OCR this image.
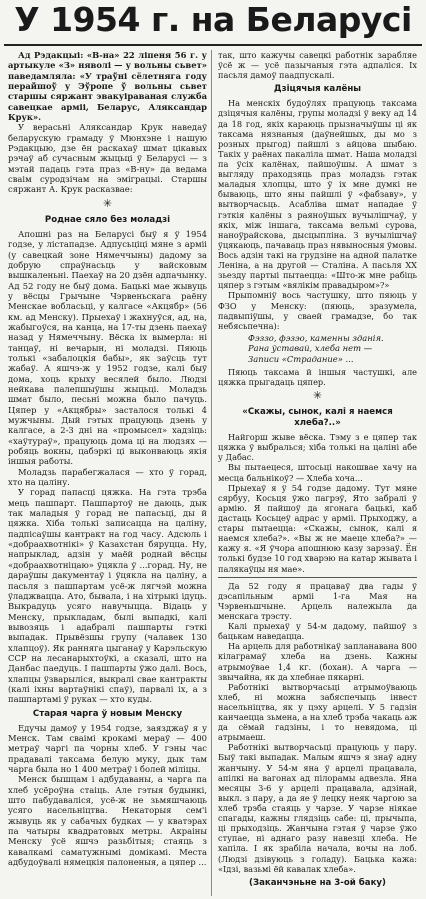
У 1954 г. на Беларусі

Ад Рэдакцыі: «В-на» 22 ліпеня 56 г. у артыкуле «З» няволі — у вольны сьвет» паведамляла: «У траўні сёлетняга году перайшоў у Эўропе ў вольны сьвет старшы сяржант эвакуіраваная служба савецкае арміі, Беларус, Аляксандар Крук».

У верасьні Аляксандар Крук наведаў беларускую грамаду ў Мюнхэне і нашую Рэдакцыю, дзе ён раскахаў шмат цікавых рэчаў аб сучасным жыцьці ў Беларусі — з мэтай падаць гэта праз «В-ну» да ведама сваім суродзічам на эміграцыі. Старшы сяржант А. Крук расказвае:

✳
Роднае сяло без моладзі

Апошні раз на Беларусі быў я ў 1954 годзе, у лістападзе. Адпусьціці мяне з арміі (у савецкай зоне Нямеччыны) дадому за добрую спраўнасьць у вайсковым вышкаленьні. Паехаў на 20 дзён адпачынку. Ад 52 году не быў дома. Бацькі мае жывуць у вёсцы Грычыне Чэрвеньскага раёну Менскае вобласьці, у калгасе «Акцябр» (56 км. ад Менску). Прыехаў і жахнуўся, ад, на, жабыгоўся, на канца, на 17-ты дзень паехаў назад у Нямеччыну. Вёска іх вымерла: ні танцаў, ні вечарын, ні моладзі. Пяюць толькі «забалоцкія бабы», як заўсць тут жабаў. А яшчэ-ж у 1952 годзе, калі быў дома, хоць крыху весялей было. Людзі нейкава палепшыўшы жыцьці. Моладзь шмат было, песьні можна было пачуць. Цяпер у «Акцябры» засталося толькі 4 мужчыны. Дый гэтых працуюць дзень у калгасе, а 2-3 дні на «промысел» хадзіць: «хаўтураў», працуюць дома ці на людзях — робяць вокны, цабэркі ці выконваюць якія іншыя работы.

Моладзь парабегжалася — хто ў горад, хто на цаліну.

У горад папасці цяжка. На гэта трэба мець пашпарт. Пашпартоў не даюць, дык так маладыя ў горад не папасьці, ды й цяжка. Хіба толькі записацца на цаліну, падпісаўшы кантракт на год часу. Адсюль і «добраахвотнікі» ў Казахстан бяруцца. Ну, напрыклад, адзін у маёй роднай вёсцы «добраахвотніцаю» ўцякла ў ...горад. Ну, не дараўшы дакументаў і ўцякла на цаліну, а пасьля з пашпартам усё-ж лягчэй можна ўладжвацца. Ато, бывала, і на хітрыкі ідуць. Выкрадуць усяго навучыцца. Відаць у Менску, прыкладам, былі выпадкі, калі вывозяць і адабралі пашпарты гэткі выпадак. Прывёзшы групу (чалавек 130 хлапцоў). Як ранняга цыганаў у Карэльскую ССР на лесанарыхтоўкі, а сказалі, што на Данбас паедуць. І пашпарты ўжо далі. Вось, хлапцы ўзварыліся, выкралі свае кантракты (калі іхны вартаўнікі спаў), парвалі іх, а з пашпартамі ў руках — хто куды.

Старая чарга ў новым Менску

Едучы дамоў у 1954 годзе, заязджаў я у Менск. Там сваімі крокамі мераў — 400 метраў чаргі па чорны хлеб. У гэны час прадавалі таксама белую муку, дык там чарга была но 1 400 метраў і болей міліцы.

Менск бышцам і адбудаваны, а чарга па хлеб усёроўна стаіць. Але гэтыя будынкі, што пабудаваліся, усё-ж не зьмяшчаюць усяго насельніцтва. Некаторыя сем'і жывуць як у сабачых будках — у кватэрах па чатыры квадратовых метры. Акраіны Менску ўсё яшчэ разьбітыя; стаяць з кавалкамі саматужнымі домікамі. Места адбудоўвалі нямецкія палоненыя, а цяпер ...

так, што кажучы савецкі работнік зарабляе ўсё ж — усё пазычаныя гэта адпаліся. Іх пасьля дамоў паадпускалі.

Дзіцячыя калёны

На менскіх будоўлях працуюць таксама дзіцячыя калёны, групы моладзі ў веку ад 14 да 18 год, якіх караюць прызначыўшы ці як таксама нязнаныя (даўнейшых, ды мо з розных прыгод) пайшлі з айцова шыбаю. Такіх у раёнах пакаліла шмат. Наша моладзі па ўсіх калёнах, пайшоўшы. А шмат з выгляду праходзяць праз моладзь гэтак маладыя хлопцы, што ў іх мне думкі не бываюць, што яны пайшлі ў «фабзаву», у вытворчасьць. Асабліва шмат нападае ў гэткія калёны з раяноўшых вучылішчаў, у якіх, між іншага, таксама вельмі сурова, наноўрайскова, дысцыпліна. З вучылішчаў ўцякаюць, пачаваць праз нявыносныя ўмовы. Вось адзін такі на грудзіне на адной палатке Леніна, а на другой — Сталіна. А пасьля ХХ зьезду партыі пытаецца: «Што-ж мне рабіць цяпер з гэтым «вялікім правадыром»?»

Прыпомніў вось частушку, што пяюць у ФЗО у Менску: (пяюць, зразумела, падвыпіўшы, у сваей грамадзе, бо так небясьпечна):

Фэззо, фэзэо, каменны зданія.
Рана ўставай, хлеба нет —
Записи «Страдание» ...

Пяюць таксама й іншыя частушкі, але цяжка прыгадаць цяпер.

✳
«Скажы, сынок, калі я наемся хлеба?..»

Найгорш жыве вёска. Тэму з е цяпер так цяжка ў выбралься; хіба толькі на цаліні абе у Дабас.

Вы пытаецеся, штосьці накошвае хачу на месца бальнікоў? — Хлеба хоча...

Прыехаў я ў 54 годзе дадому. Тут мяне сярбуу, Косьця ўжо пагрэў, Ято забралі ў армію. Я пайшоў да ягонага бацькі, каб дастаць Косьцеў адрас у арміі. Прыходжу, а стары пытаецца: «Скажы, сынок, калі я наемся хлеба?». «Вы ж не маеце хлеба?» — кажу я. «Я ўчора апошнюю казу зарэзаў. Ён толькі будзе 10 год хварэю на катар жывата і палякаўцы ня мае».

Да 52 году я працаваў два гады ў дэсапільным арміі 1-га Мая на Чэрвеньшчыне. Арцель належыла да менскага трэсту.

Калі прыехаў у 54-м дадому, пайшоў з бацькам наведацца.

На арцель для работнікаў запланавана 800 кілаграмаў хлеба на дзень. Кажны атрымоўвае 1,4 кг. (бохан). А чарга — звычайна, як да хлебнае пякарні.

Работнікі вытворчасьці атрымоўваюць хлеб, ні можна забяспечыць інвест насельніцтва, як у цэху арцелі. У 5 гадзін канчаецца зьмена, а на хлеб трэба чакаць аж да сёмай гадзіны, і то невядома, ці атрымаеш.

Работнікі вытворчасьці працуюць у пару. Быў такі выпадак. Малым яшчэ я знаў адну жанчыну. У 54-м яна ў арцелі працавала, апілкі на вагонах ад пілорамы адвезла. Яна месяцы 3-6 у арцелі працавала, адзінай, выкл. з пару, а да яе ў лецку неяк чаргою за хлеб трэба стаяць у чарзе. У чарзе ніякае спагады, кажны глядзіць сабе: ці, прычыпа, ці прыходзіць. Жанчына гэтая ў чарзе ўжо ступае, ні аднаго разу навезці хлеба. Не хапіла. І як зрабіла начала, вочы на лоб. (Людзі дзівуюць з голаду). Бацька кажа: «Ідзі, вазьмі ёй кавалак хлеба».

(Заканчэньне на 3-ой баку)
